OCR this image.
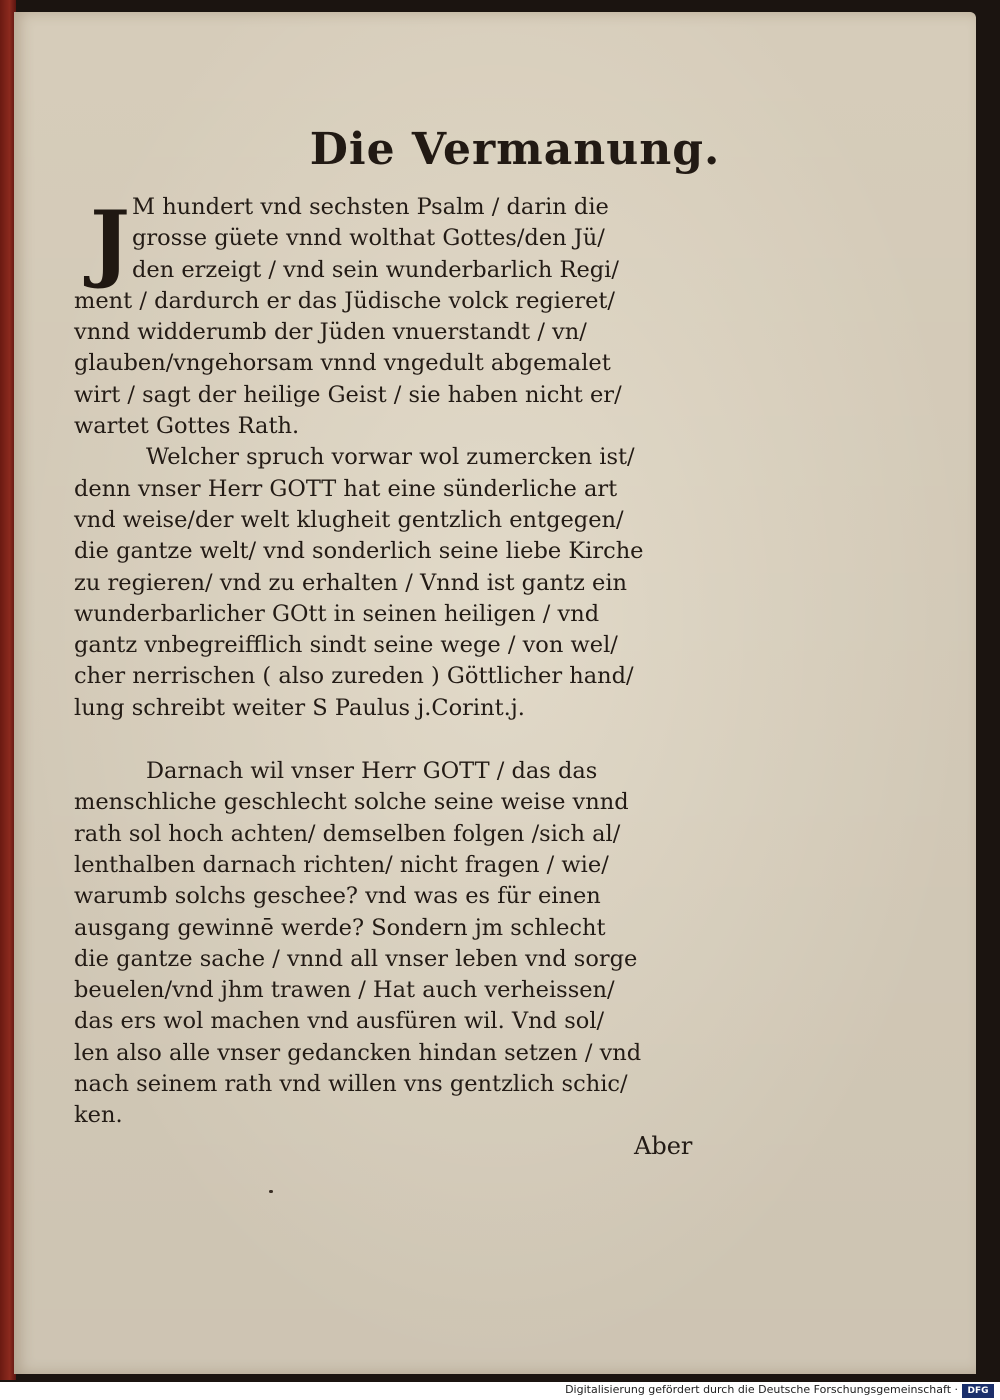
Die Vermanung.
J M hundert vnd sechsten Psalm / darin die
grosse güete vnnd wolthat Gottes/den Jü/
den erzeigt / vnd sein wunderbarlich Regi/
ment / dardurch er das Jüdische volck regieret/
vnnd widderumb der Jüden vnuerstandt / vn/
glauben/vngehorsam vnnd vngedult abgemalet
wirt / sagt der heilige Geist / sie haben nicht er/
wartet Gottes Rath.
Welcher spruch vorwar wol zumercken ist/
denn vnser Herr GOTT hat eine sünderliche art
vnd weise/der welt klugheit gentzlich entgegen/
die gantze welt/ vnd sonderlich seine liebe Kirche
zu regieren/ vnd zu erhalten / Vnnd ist gantz ein
wunderbarlicher GOtt in seinen heiligen / vnd
gantz vnbegreifflich sindt seine wege / von wel/
cher nerrischen ( also zureden ) Göttlicher hand/
lung schreibt weiter S Paulus j.Corint.j.
Darnach wil vnser Herr GOTT / das das
menschliche geschlecht solche seine weise vnnd
rath sol hoch achten/ demselben folgen /sich al/
lenthalben darnach richten/ nicht fragen / wie/
warumb solchs geschee? vnd was es für einen
ausgang gewinnē werde? Sondern jm schlecht
die gantze sache / vnnd all vnser leben vnd sorge
beuelen/vnd jhm trawen / Hat auch verheissen/
das ers wol machen vnd ausfüren wil. Vnd sol/
len also alle vnser gedancken hindan setzen / vnd
nach seinem rath vnd willen vns gentzlich schic/
ken.
Aber
Digitalisierung gefördert durch die Deutsche Forschungsgemeinschaft ·	DFG
